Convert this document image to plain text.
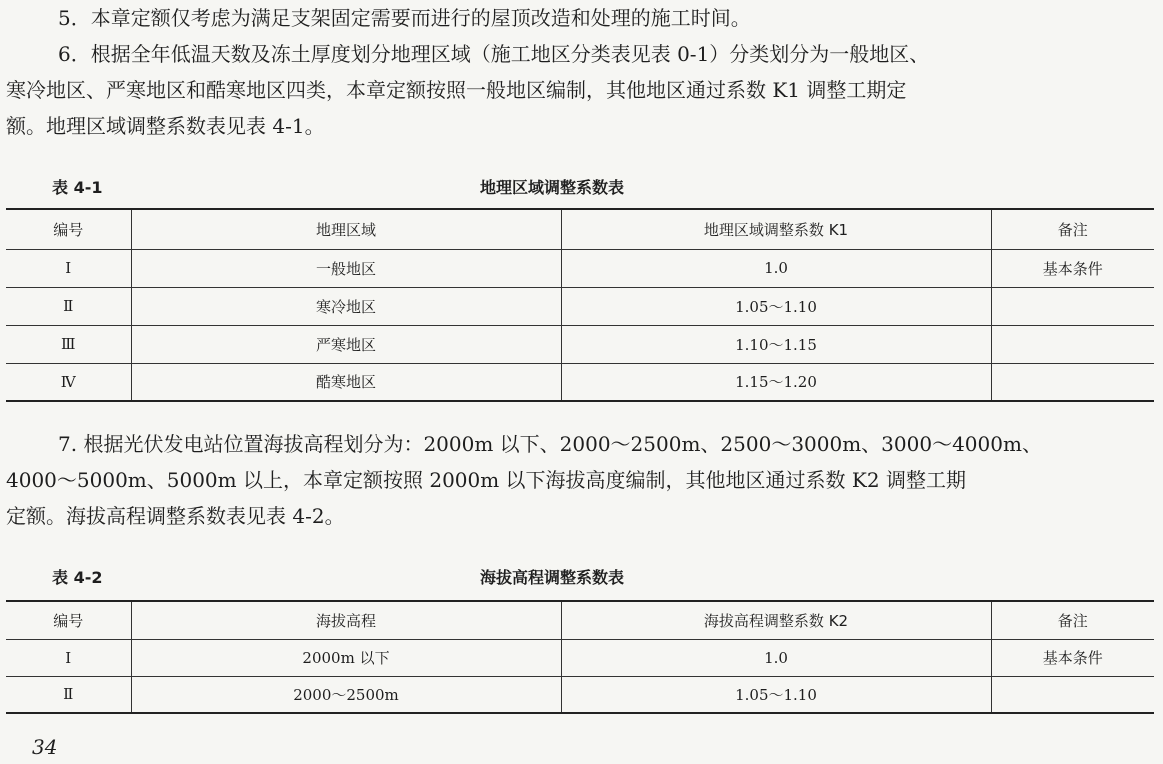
5．本章定额仅考虑为满足支架固定需要而进行的屋顶改造和处理的施工时间。

6．根据全年低温天数及冻土厚度划分地理区域（施工地区分类表见表 0-1）分类划分为一般地区、

寒冷地区、严寒地区和酷寒地区四类，本章定额按照一般地区编制，其他地区通过系数 K1 调整工期定

额。地理区域调整系数表见表 4-1。

表 4-1	地理区域调整系数表
编号	地理区域	地理区域调整系数 K1	备注
Ⅰ	一般地区	1.0	基本条件
Ⅱ	寒冷地区	1.05～1.10	
Ⅲ	严寒地区	1.10～1.15	
Ⅳ	酷寒地区	1.15～1.20	

7. 根据光伏发电站位置海拔高程划分为：2000m 以下、2000～2500m、2500～3000m、3000～4000m、

4000～5000m、5000m 以上，本章定额按照 2000m 以下海拔高度编制，其他地区通过系数 K2 调整工期

定额。海拔高程调整系数表见表 4-2。

表 4-2	海拔高程调整系数表
编号	海拔高程	海拔高程调整系数 K2	备注
Ⅰ	2000m 以下	1.0	基本条件
Ⅱ	2000～2500m	1.05～1.10	
34
